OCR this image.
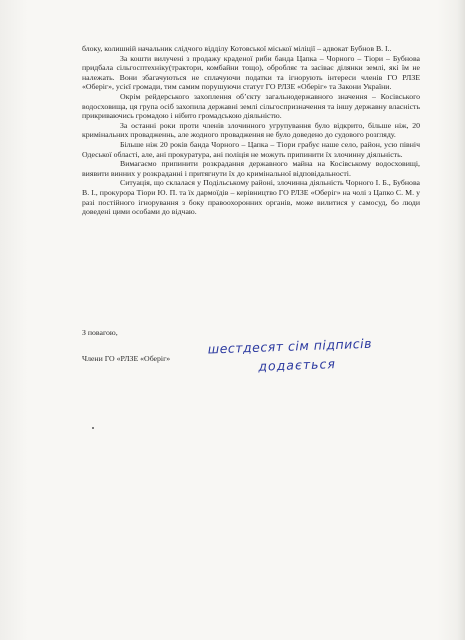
блоку, колишній начальник слідчого відділу Котовської міської міліції – адвокат Бубнов В. І..

За кошти вилучені з продажу краденої риби банда Цапка – Чорного – Тіори – Бубнова придбала сільгосптехніку(трактори, комбайни тощо), обробляє та засіває ділянки землі, які їм не належать. Вони збагачуються не сплачуючи податки та ігнорують інтереси членів ГО РЛЗЕ «Оберіг», усієї громади, тим самим порушуючи статут ГО РЛЗЕ «Оберіг» та Закони України.

Окрім рейдерського захоплення об’єкту загальнодержавного значення – Косівського водосховища, ця група осіб захопила державні землі сільгоспризначення та іншу державну власність прикриваючись громадою і нібито громадською діяльністю.

За останні роки проти членів злочинного угрупування було відкрито, більше ніж, 20 кримінальних провадженнь, але жодного провадження не було доведено до судового розгляду.

Більше ніж 20 років банда Чорного – Цапка – Тіори грабує наше село, район, усю північ Одеської області, але, ані прокуратура, ані поліція не можуть припинити їх злочинну діяльність.

Вимагаємо припинити розкрадання державного майна на Косівському водосховищі, виявити винних у розкраданні і притягнути їх до кримінальної відповідальності.

Ситуація, що склалася у Подільському районі, злочинна діяльність Чорного І. Б., Бубнова В. І., прокурора Тіори Ю. П. та їх дармоїдів – керівництво ГО РЛЗЕ «Оберіг» на чолі з Цапко С. М. у разі постійного ігнорування з боку правоохоронних органів, може вилитися у самосуд, бо люди доведені цими особами до відчаю.

З повагою,

Члени ГО «РЛЗЕ «Оберіг»

шестдесят сім підписів
додається
